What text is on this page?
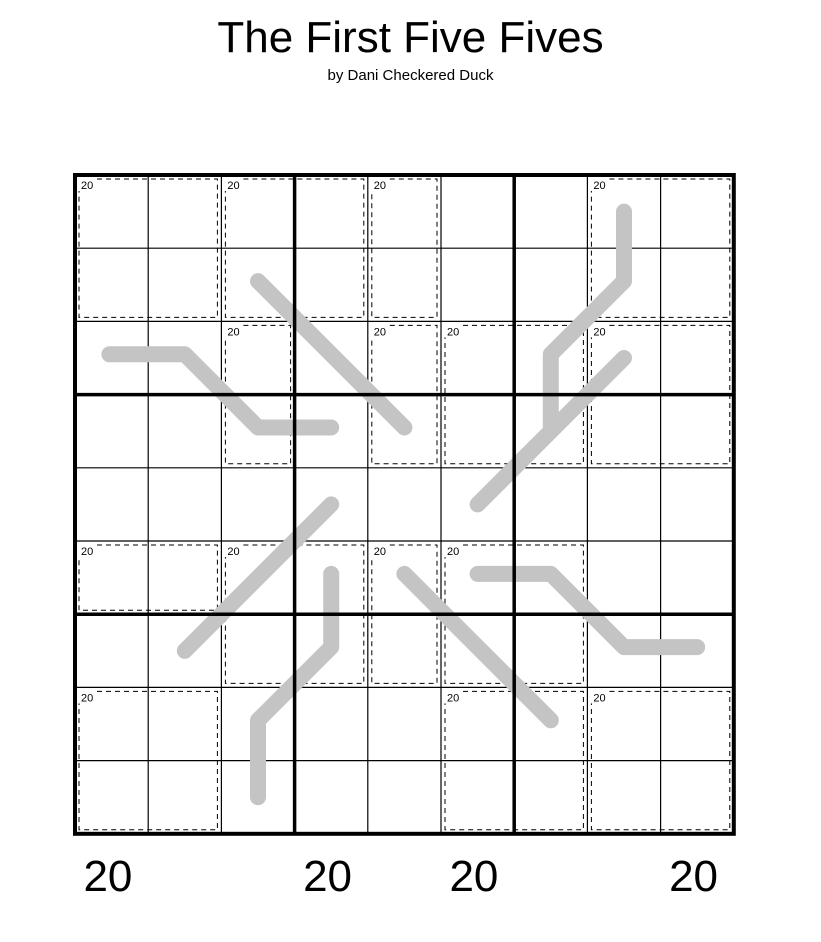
The First Five Fives
by Dani Checkered Duck
20	20	20	20
20	20	20	20
20	20	20	20
20	20	20
20	20 20	20
